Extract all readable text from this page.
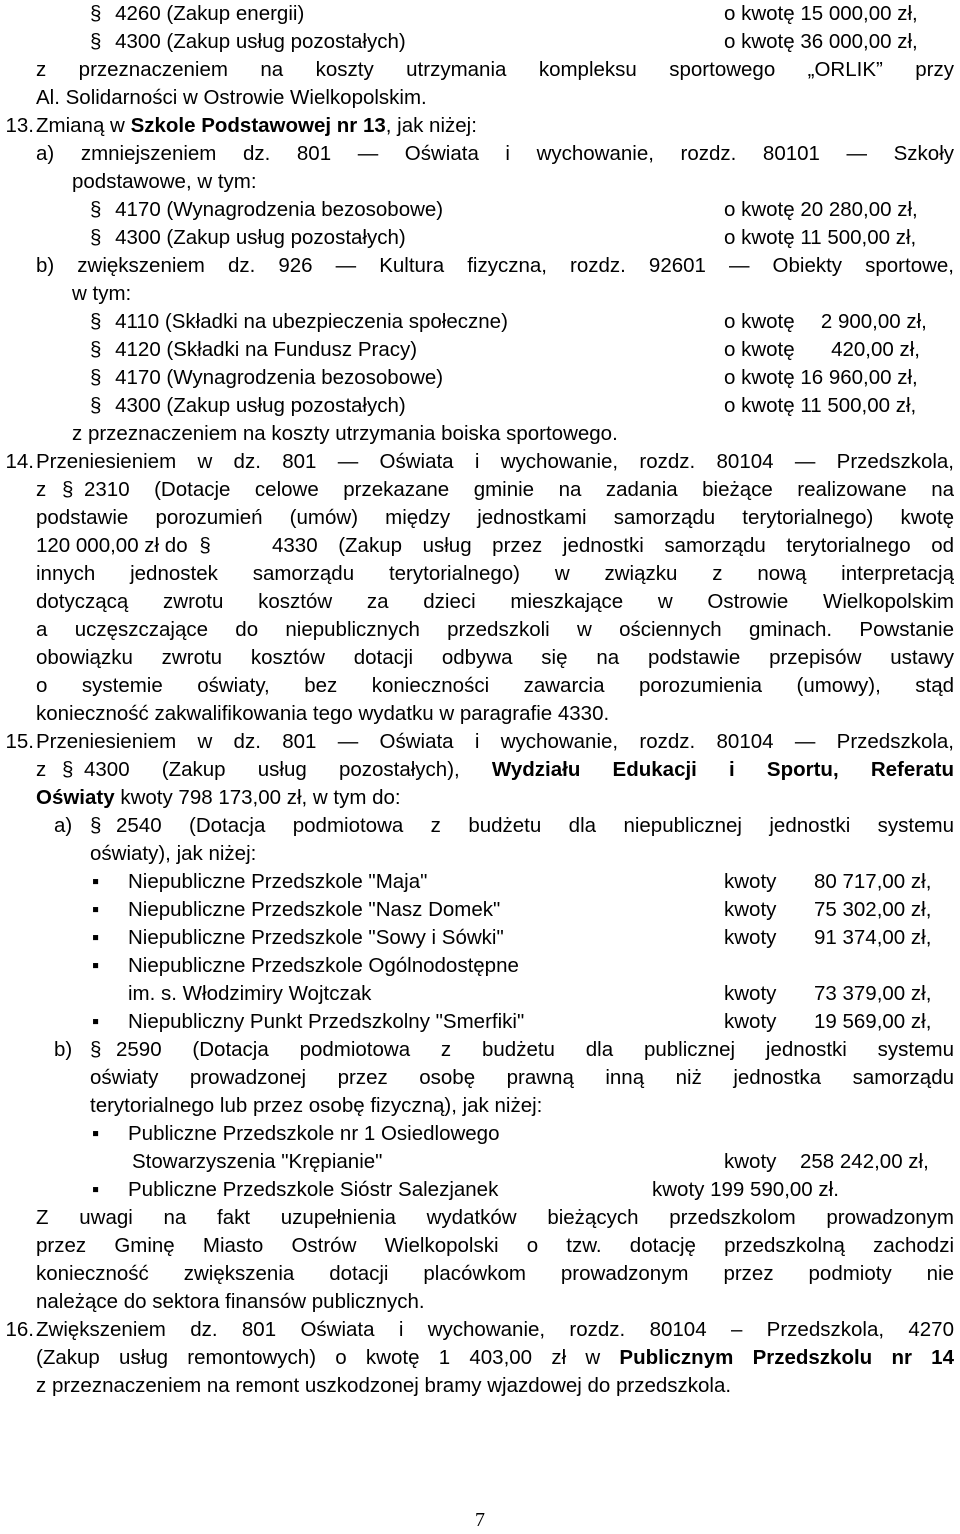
§ 4260 (Zakup energii)	o kwotę 15 000,00 zł,
§ 4300 (Zakup usług pozostałych)	o kwotę 36 000,00 zł,
z przeznaczeniem na koszty utrzymania kompleksu sportowego „ORLIK” przy
Al. Solidarności w Ostrowie Wielkopolskim.
13. Zmianą w Szkole Podstawowej nr 13, jak niżej:
a) zmniejszeniem dz. 801 — Oświata i wychowanie, rozdz. 80101 — Szkoły
podstawowe, w tym:
§ 4170 (Wynagrodzenia bezosobowe)	o kwotę 20 280,00 zł,
§ 4300 (Zakup usług pozostałych)	o kwotę 11 500,00 zł,
b) zwiększeniem dz. 926 — Kultura fizyczna, rozdz. 92601 — Obiekty sportowe,
w tym:
§ 4110 (Składki na ubezpieczenia społeczne)	o kwotę  2 900,00 zł,
§ 4120 (Składki na Fundusz Pracy)	o kwotę   420,00 zł,
§ 4170 (Wynagrodzenia bezosobowe)	o kwotę 16 960,00 zł,
§ 4300 (Zakup usług pozostałych)	o kwotę 11 500,00 zł,
z przeznaczeniem na koszty utrzymania boiska sportowego.
14. Przeniesieniem w dz. 801 — Oświata i wychowanie, rozdz. 80104 — Przedszkola,
z § 2310 (Dotacje celowe przekazane gminie na zadania bieżące realizowane na
podstawie porozumień (umów) między jednostkami samorządu terytorialnego) kwotę
120 000,00 zł do §	4330 (Zakup usług przez jednostki samorządu terytorialnego od
innych jednostek samorządu terytorialnego) w związku z nową interpretacją
dotyczącą zwrotu kosztów za dzieci mieszkające w Ostrowie Wielkopolskim
a uczęszczające do niepublicznych przedszkoli w ościennych gminach. Powstanie
obowiązku zwrotu kosztów dotacji odbywa się na podstawie przepisów ustawy
o systemie oświaty, bez konieczności zawarcia porozumienia (umowy), stąd
konieczność zakwalifikowania tego wydatku w paragrafie 4330.
15. Przeniesieniem w dz. 801 — Oświata i wychowanie, rozdz. 80104 — Przedszkola,
z § 4300 (Zakup usług pozostałych), Wydziału Edukacji i Sportu, Referatu
Oświaty kwoty 798 173,00 zł, w tym do:
a) § 2540 (Dotacja podmiotowa z budżetu dla niepublicznej jednostki systemu
oświaty), jak niżej:
▪ Niepubliczne Przedszkole "Maja"	kwoty 80 717,00 zł,
▪ Niepubliczne Przedszkole "Nasz Domek"	kwoty 75 302,00 zł,
▪ Niepubliczne Przedszkole "Sowy i Sówki"	kwoty 91 374,00 zł,
▪ Niepubliczne Przedszkole Ogólnodostępne
im. s. Włodzimiry Wojtczak	kwoty 73 379,00 zł,
▪ Niepubliczny Punkt Przedszkolny "Smerfiki"	kwoty 19 569,00 zł,
b) § 2590 (Dotacja podmiotowa z budżetu dla publicznej jednostki systemu
oświaty prowadzonej przez osobę prawną inną niż jednostka samorządu
terytorialnego lub przez osobę fizyczną), jak niżej:
▪ Publiczne Przedszkole nr 1 Osiedlowego
Stowarzyszenia "Krępianie"	kwoty 258 242,00 zł,
▪ Publiczne Przedszkole Sióstr Salezjanek	kwoty 199 590,00 zł.
Z uwagi na fakt uzupełnienia wydatków bieżących przedszkolom prowadzonym
przez Gminę Miasto Ostrów Wielkopolski o tzw. dotację przedszkolną zachodzi
konieczność zwiększenia dotacji placówkom prowadzonym przez podmioty nie
należące do sektora finansów publicznych.
16. Zwiększeniem dz. 801 Oświata i wychowanie, rozdz. 80104 – Przedszkola, 4270
(Zakup usług remontowych) o kwotę 1 403,00 zł w Publicznym Przedszkolu nr 14
z przeznaczeniem na remont uszkodzonej bramy wjazdowej do przedszkola.
7
